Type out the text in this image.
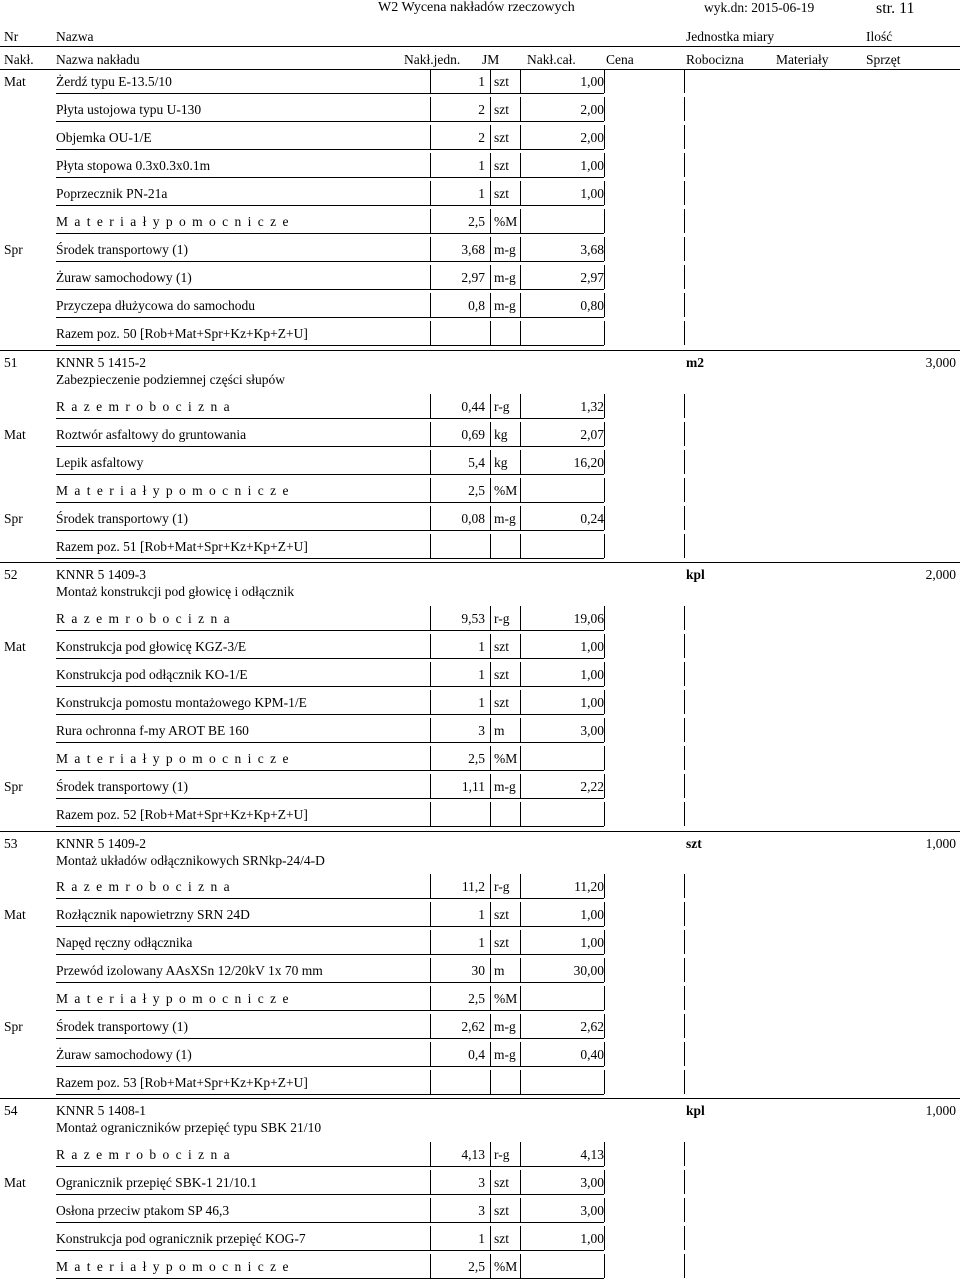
W2 Wycena nakładów rzeczowych	wyk.dn: 2015-06-19	str. 11
Nr	Nazwa	Jednostka miary	Ilość
Nakł. Nazwa nakładu	Nakł.jedn. JM Nakł.cał. Cena	Robocizna Materiały	Sprzęt
Mat Żerdź typu E-13.5/10	1 szt	1,00
Płyta ustojowa typu U-130	2 szt	2,00
Objemka OU-1/E	2 szt	2,00
Płyta stopowa 0.3x0.3x0.1m	1 szt	1,00
Poprzecznik PN-21a	1 szt	1,00
M a t e r i a ł y p o m o c n i c z e	2,5 %M
Spr Środek transportowy (1)	3,68 m-g	3,68
Żuraw samochodowy (1)	2,97 m-g	2,97
Przyczepa dłużycowa do samochodu	0,8 m-g	0,80
Razem poz. 50 [Rob+Mat+Spr+Kz+Kp+Z+U]
51	KNNR 5 1415-2
Zabezpieczenie podziemnej części słupów
m2	3,000
R a z e m r o b o c i z n a	0,44 r-g	1,32
Mat Roztwór asfaltowy do gruntowania	0,69 kg	2,07
Lepik asfaltowy	5,4 kg	16,20
M a t e r i a ł y p o m o c n i c z e	2,5 %M
Spr Środek transportowy (1)	0,08 m-g	0,24
Razem poz. 51 [Rob+Mat+Spr+Kz+Kp+Z+U]
52	KNNR 5 1409-3
Montaż konstrukcji pod głowicę i odłącznik
kpl	2,000
R a z e m r o b o c i z n a	9,53 r-g	19,06
Mat Konstrukcja pod głowicę KGZ-3/E	1 szt	1,00
Konstrukcja pod odłącznik KO-1/E	1 szt	1,00
Konstrukcja pomostu montażowego KPM-1/E	1 szt	1,00
Rura ochronna f-my AROT BE 160	3 m	3,00
M a t e r i a ł y p o m o c n i c z e	2,5 %M
Spr Środek transportowy (1)	1,11 m-g	2,22
Razem poz. 52 [Rob+Mat+Spr+Kz+Kp+Z+U]
53	KNNR 5 1409-2
Montaż układów odłącznikowych SRNkp-24/4-D
szt	1,000
R a z e m r o b o c i z n a	11,2 r-g	11,20
Mat Rozłącznik napowietrzny SRN 24D	1 szt	1,00
Napęd ręczny odłącznika	1 szt	1,00
Przewód izolowany AAsXSn 12/20kV 1x 70 mm	30 m	30,00
M a t e r i a ł y p o m o c n i c z e	2,5 %M
Spr Środek transportowy (1)	2,62 m-g	2,62
Żuraw samochodowy (1)	0,4 m-g	0,40
Razem poz. 53 [Rob+Mat+Spr+Kz+Kp+Z+U]
54	KNNR 5 1408-1
Montaż ograniczników przepięć typu SBK 21/10
kpl	1,000
R a z e m r o b o c i z n a	4,13 r-g	4,13
Mat Ogranicznik przepięć SBK-1 21/10.1	3 szt	3,00
Osłona przeciw ptakom SP 46,3	3 szt	3,00
Konstrukcja pod ogranicznik przepięć KOG-7	1 szt	1,00
M a t e r i a ł y p o m o c n i c z e	2,5 %M
